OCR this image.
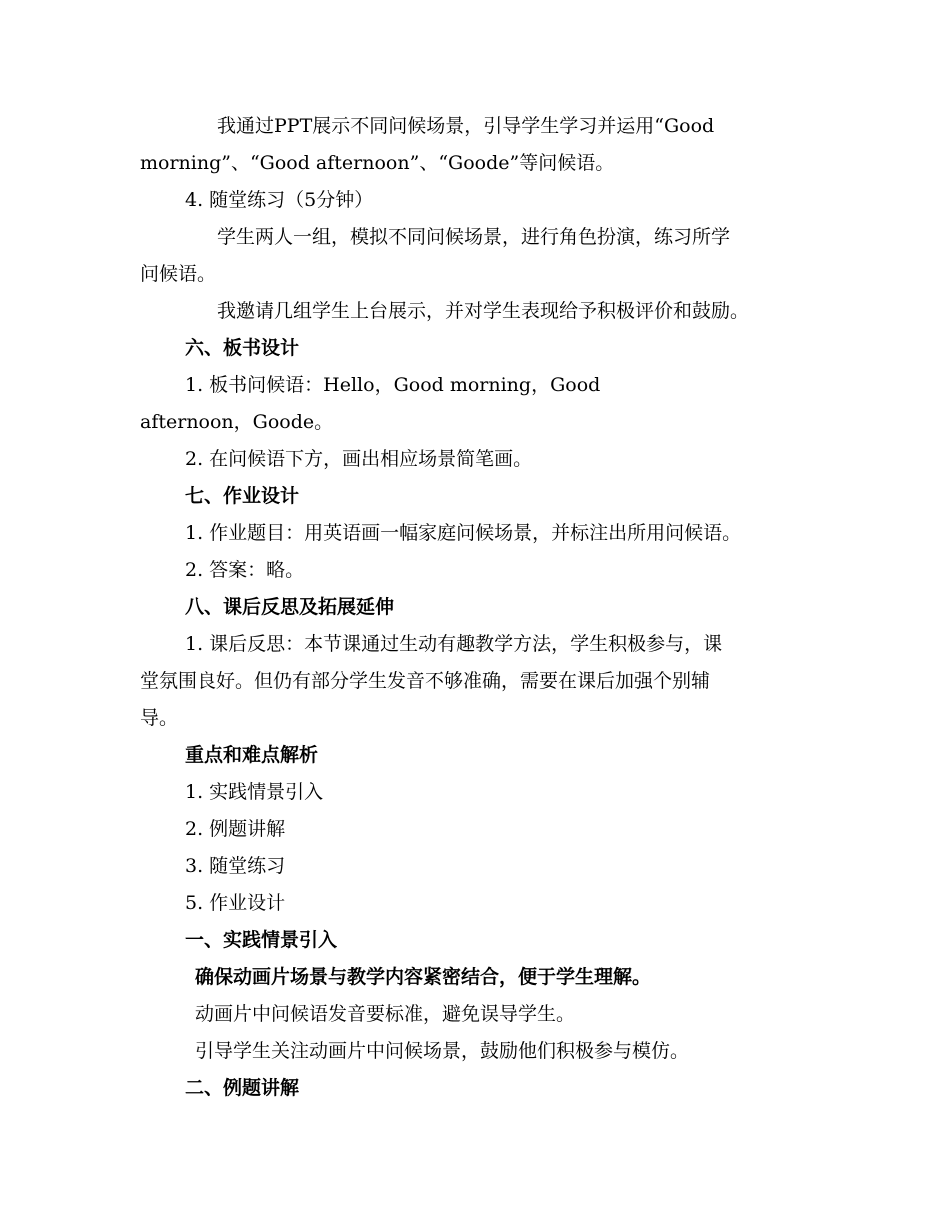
我通过PPT展示不同问候场景，引导学生学习并运用“Good
morning”、“Good afternoon”、“Goode”等问候语。
4. 随堂练习（5分钟）
学生两人一组，模拟不同问候场景，进行角色扮演，练习所学
问候语。
我邀请几组学生上台展示，并对学生表现给予积极评价和鼓励。
六、板书设计
1. 板书问候语：Hello，Good morning，Good
afternoon，Goode。
2. 在问候语下方，画出相应场景简笔画。
七、作业设计
1. 作业题目：用英语画一幅家庭问候场景，并标注出所用问候语。
2. 答案：略。
八、课后反思及拓展延伸
1. 课后反思：本节课通过生动有趣教学方法，学生积极参与，课
堂氛围良好。但仍有部分学生发音不够准确，需要在课后加强个别辅
导。
重点和难点解析
1. 实践情景引入
2. 例题讲解
3. 随堂练习
5. 作业设计
一、实践情景引入
确保动画片场景与教学内容紧密结合，便于学生理解。
动画片中问候语发音要标准，避免误导学生。
引导学生关注动画片中问候场景，鼓励他们积极参与模仿。
二、例题讲解
